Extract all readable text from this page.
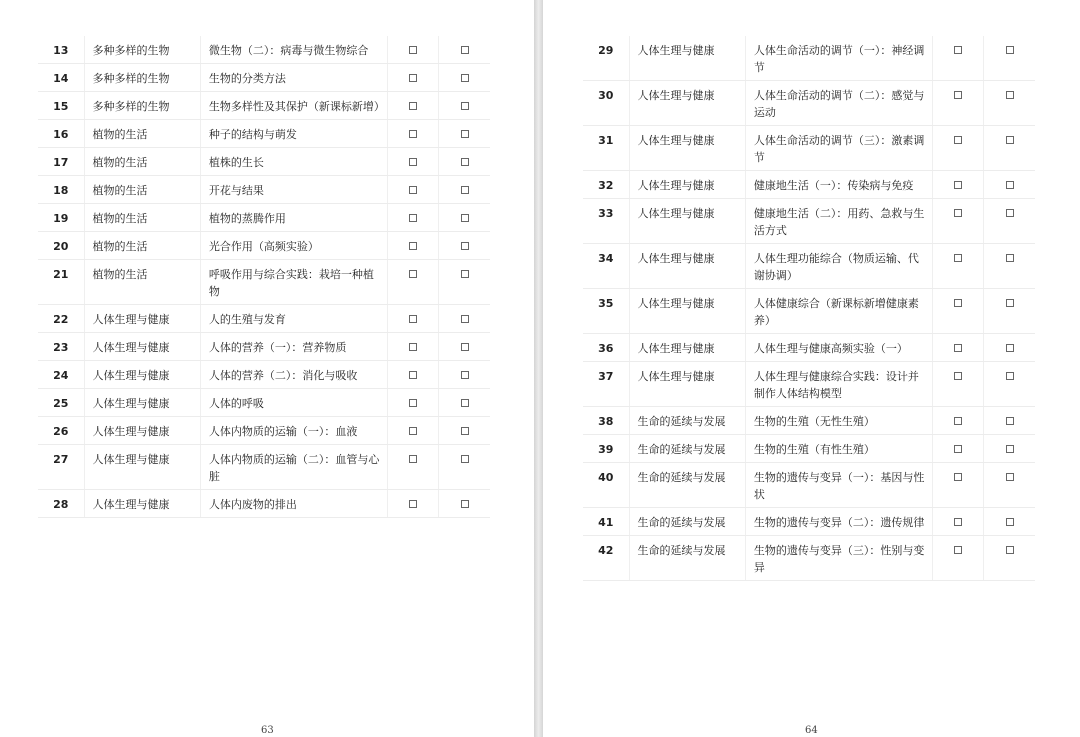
13	多种多样的生物	微生物（二）：病毒与微生物综合		
14	多种多样的生物	生物的分类方法		
15	多种多样的生物	生物多样性及其保护（新课标新增）		
16	植物的生活	种子的结构与萌发		
17	植物的生活	植株的生长		
18	植物的生活	开花与结果		
19	植物的生活	植物的蒸腾作用		
20	植物的生活	光合作用（高频实验）		
21	植物的生活	呼吸作用与综合实践：栽培一种植物		
22	人体生理与健康	人的生殖与发育		
23	人体生理与健康	人体的营养（一）：营养物质		
24	人体生理与健康	人体的营养（二）：消化与吸收		
25	人体生理与健康	人体的呼吸		
26	人体生理与健康	人体内物质的运输（一）：血液		
27	人体生理与健康	人体内物质的运输（二）：血管与心脏		
28	人体生理与健康	人体内废物的排出		
63
29	人体生理与健康	人体生命活动的调节（一）：神经调节		
30	人体生理与健康	人体生命活动的调节（二）：感觉与运动		
31	人体生理与健康	人体生命活动的调节（三）：激素调节		
32	人体生理与健康	健康地生活（一）：传染病与免疫		
33	人体生理与健康	健康地生活（二）：用药、急救与生活方式		
34	人体生理与健康	人体生理功能综合（物质运输、代谢协调）		
35	人体生理与健康	人体健康综合（新课标新增健康素养）		
36	人体生理与健康	人体生理与健康高频实验（一）		
37	人体生理与健康	人体生理与健康综合实践：设计并制作人体结构模型		
38	生命的延续与发展	生物的生殖（无性生殖）		
39	生命的延续与发展	生物的生殖（有性生殖）		
40	生命的延续与发展	生物的遗传与变异（一）：基因与性状		
41	生命的延续与发展	生物的遗传与变异（二）：遗传规律		
42	生命的延续与发展	生物的遗传与变异（三）：性别与变异		
64
